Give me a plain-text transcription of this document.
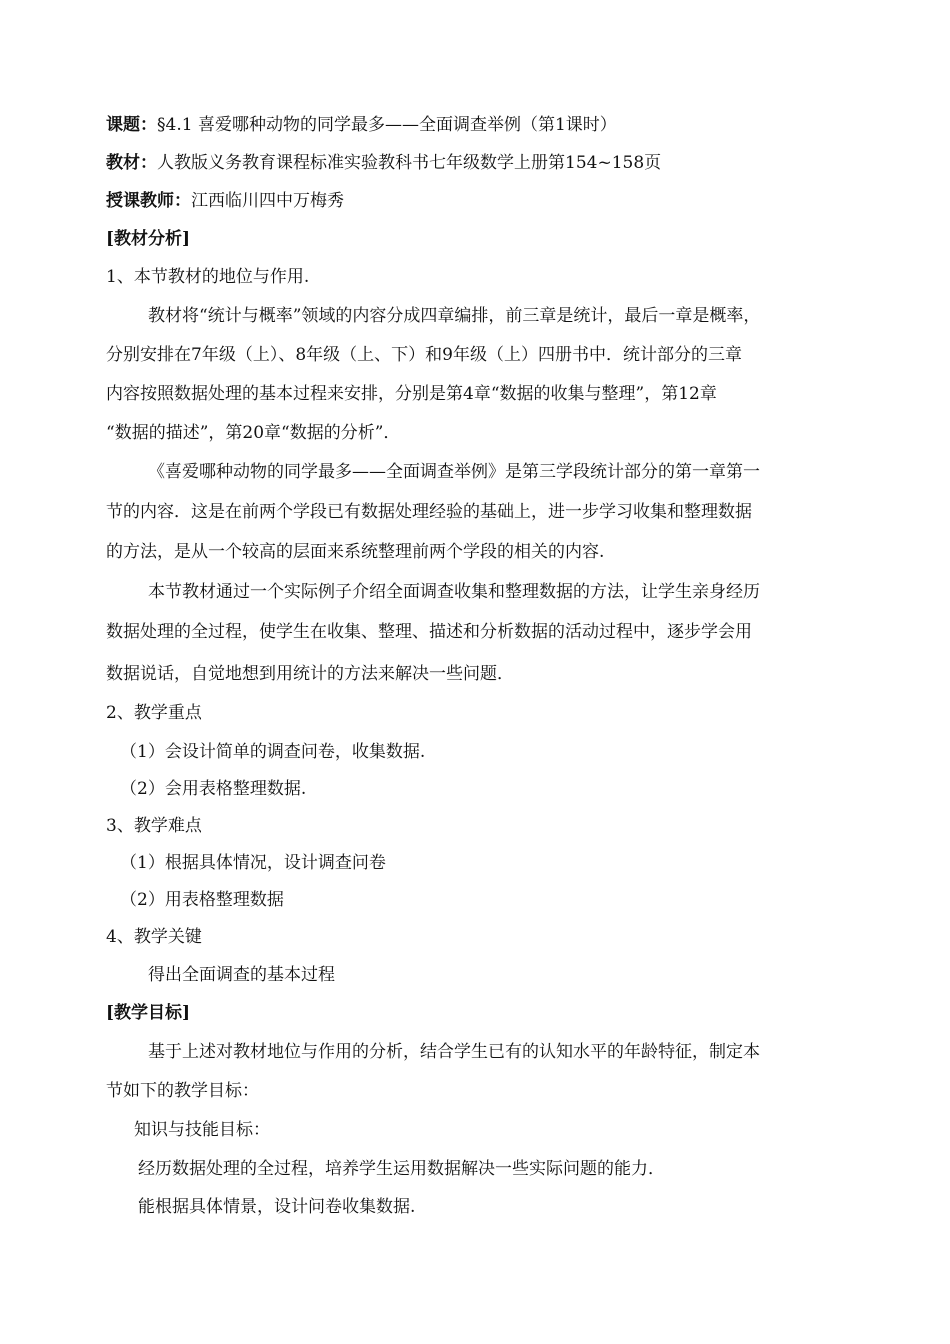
课题：§4.1 喜爱哪种动物的同学最多——全面调查举例（第1课时）
教材：人教版义务教育课程标准实验教科书七年级数学上册第154~158页
授课教师：江西临川四中万梅秀
[教材分析]
1、本节教材的地位与作用.
教材将“统计与概率”领域的内容分成四章编排，前三章是统计，最后一章是概率，
分别安排在7年级（上）、8年级（上、下）和9年级（上）四册书中．统计部分的三章
内容按照数据处理的基本过程来安排，分别是第4章“数据的收集与整理”，第12章
“数据的描述”，第20章“数据的分析”．
《喜爱哪种动物的同学最多——全面调查举例》是第三学段统计部分的第一章第一
节的内容．这是在前两个学段已有数据处理经验的基础上，进一步学习收集和整理数据
的方法，是从一个较高的层面来系统整理前两个学段的相关的内容.
本节教材通过一个实际例子介绍全面调查收集和整理数据的方法，让学生亲身经历
数据处理的全过程，使学生在收集、整理、描述和分析数据的活动过程中，逐步学会用
数据说话，自觉地想到用统计的方法来解决一些问题．
2、教学重点
（1）会设计简单的调查问卷，收集数据.
（2）会用表格整理数据.
3、教学难点
（1）根据具体情况，设计调查问卷
（2）用表格整理数据
4、教学关键
得出全面调查的基本过程
[教学目标]
基于上述对教材地位与作用的分析，结合学生已有的认知水平的年龄特征，制定本
节如下的教学目标：
知识与技能目标：
经历数据处理的全过程，培养学生运用数据解决一些实际问题的能力．
能根据具体情景，设计问卷收集数据.
